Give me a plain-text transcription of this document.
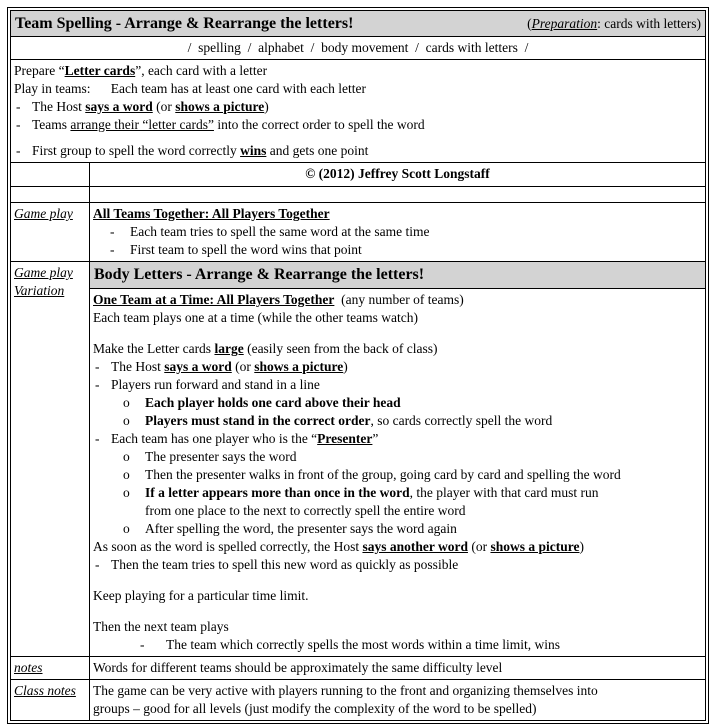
Team Spelling - Arrange & Rearrange the letters! (Preparation: cards with letters)	

/  spelling  /  alphabet  /  body movement  /  cards with letters  /	

Prepare “Letter cards”, each card with a letter
Play in teams:      Each team has at least one card with each letter
- The Host says a word (or shows a picture)
- Teams arrange their “letter cards” into the correct order to spell the word
- First group to spell the word correctly wins and gets one point

	© (2012) Jeffrey Scott Longstaff

Game play	All Teams Together: All Players Together
- Each team tries to spell the same word at the same time
- First team to spell the word wins that point

Game play
Variation	Body Letters - Arrange & Rearrange the letters!

One Team at a Time: All Players Together  (any number of teams)
Each team plays one at a time (while the other teams watch)
Make the Letter cards large (easily seen from the back of class)
- The Host says a word (or shows a picture)
- Players run forward and stand in a line
o Each player holds one card above their head
o Players must stand in the correct order, so cards correctly spell the word
- Each team has one player who is the “Presenter”
o The presenter says the word
o Then the presenter walks in front of the group, going card by card and spelling the word
o If a letter appears more than once in the word, the player with that card must run
from one place to the next to correctly spell the entire word
o After spelling the word, the presenter says the word again
As soon as the word is spelled correctly, the Host says another word (or shows a picture)
- Then the team tries to spell this new word as quickly as possible
Keep playing for a particular time limit.
Then the next team plays
- The team which correctly spells the most words within a time limit, wins

notes	Words for different teams should be approximately the same difficulty level

Class notes	The game can be very active with players running to the front and organizing themselves into
groups – good for all levels (just modify the complexity of the word to be spelled)
